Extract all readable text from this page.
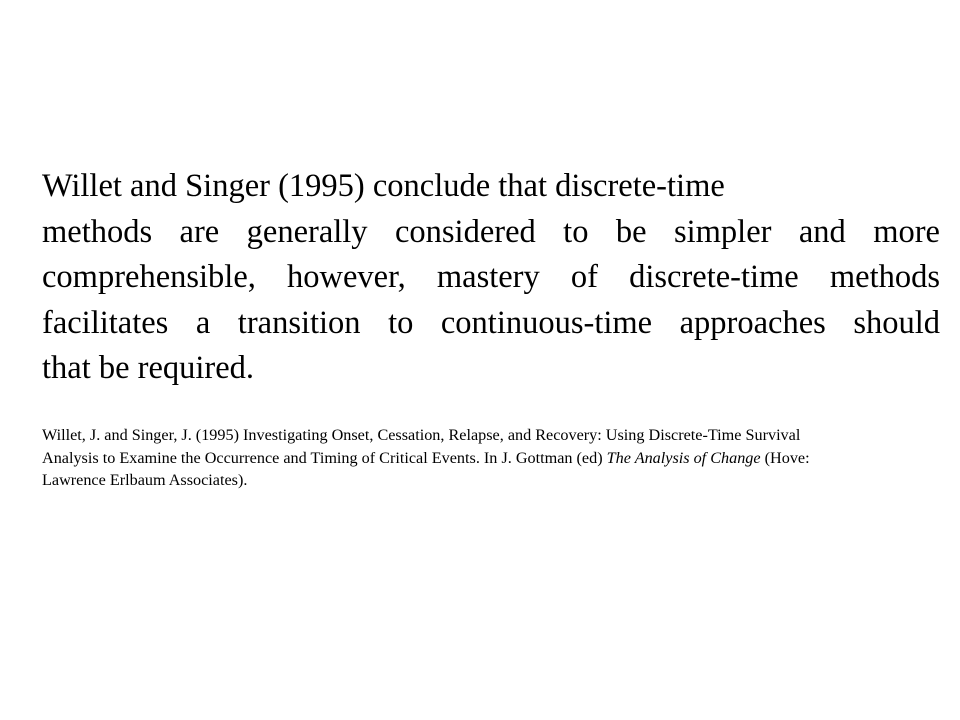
Willet and Singer (1995) conclude that discrete-time
methods are generally considered to be simpler and more
comprehensible, however, mastery of discrete-time methods
facilitates a transition to continuous-time approaches should
that be required.

Willet, J. and Singer, J. (1995) Investigating Onset, Cessation, Relapse, and Recovery: Using Discrete-Time Survival
Analysis to Examine the Occurrence and Timing of Critical Events. In J. Gottman (ed) The Analysis of Change (Hove:
Lawrence Erlbaum Associates).
